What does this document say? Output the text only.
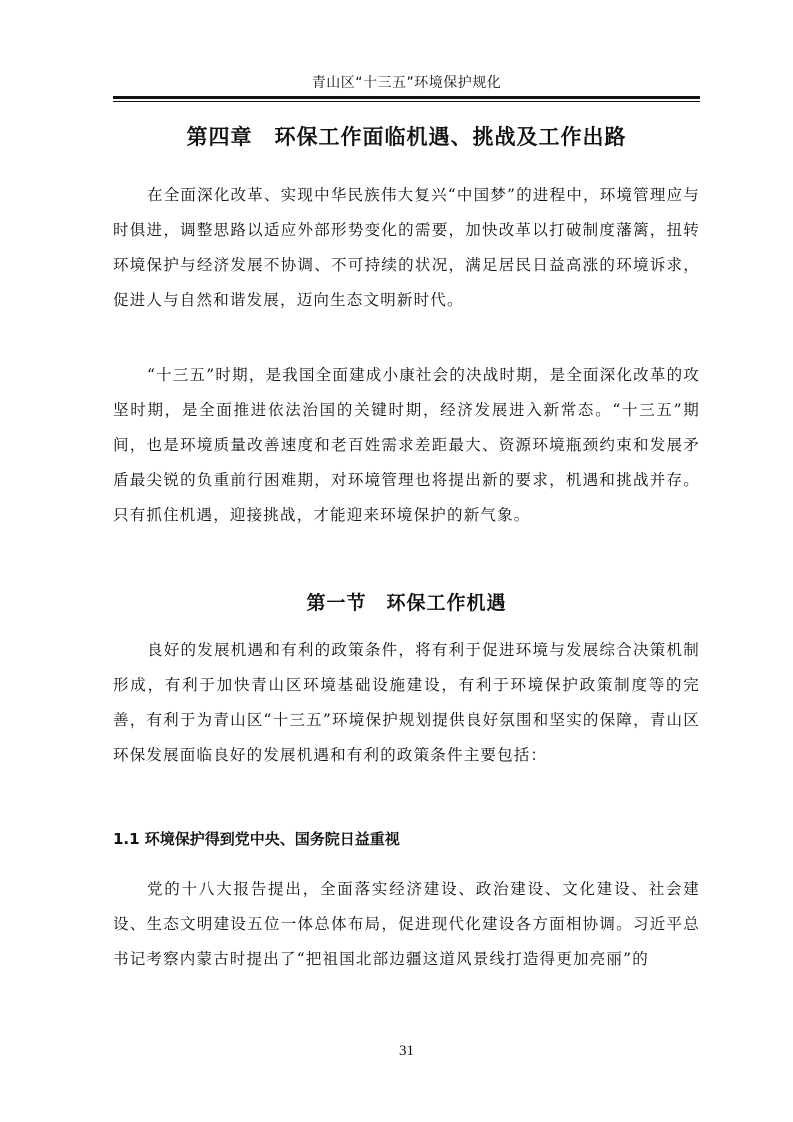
青山区“十三五”环境保护规化
第四章　环保工作面临机遇、挑战及工作出路

在全面深化改革、实现中华民族伟大复兴“中国梦”的进程中，环境管理应与时俱进，调整思路以适应外部形势变化的需要，加快改革以打破制度藩篱，扭转环境保护与经济发展不协调、不可持续的状况，满足居民日益高涨的环境诉求，促进人与自然和谐发展，迈向生态文明新时代。

“十三五”时期，是我国全面建成小康社会的决战时期，是全面深化改革的攻坚时期，是全面推进依法治国的关键时期，经济发展进入新常态。“十三五”期间，也是环境质量改善速度和老百姓需求差距最大、资源环境瓶颈约束和发展矛盾最尖锐的负重前行困难期，对环境管理也将提出新的要求，机遇和挑战并存。只有抓住机遇，迎接挑战，才能迎来环境保护的新气象。

第一节　环保工作机遇

良好的发展机遇和有利的政策条件，将有利于促进环境与发展综合决策机制形成，有利于加快青山区环境基础设施建设，有利于环境保护政策制度等的完善，有利于为青山区“十三五”环境保护规划提供良好氛围和坚实的保障，青山区环保发展面临良好的发展机遇和有利的政策条件主要包括：

1.1 环境保护得到党中央、国务院日益重视

党的十八大报告提出，全面落实经济建设、政治建设、文化建设、社会建设、生态文明建设五位一体总体布局，促进现代化建设各方面相协调。习近平总书记考察内蒙古时提出了“把祖国北部边疆这道风景线打造得更加亮丽”的

31
